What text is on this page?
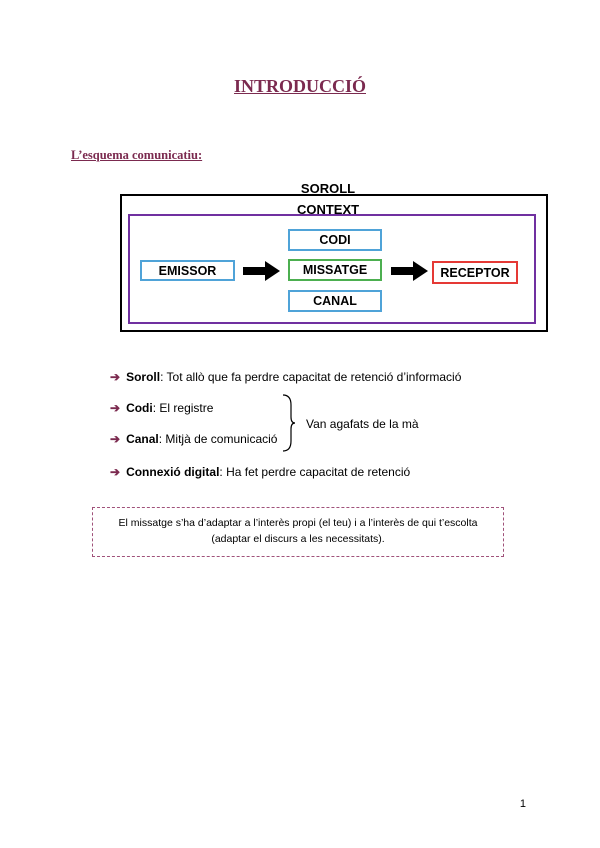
INTRODUCCIÓ
L’esquema comunicatiu:
SOROLL
CONTEXT
CODI
MISSATGE
CANAL
EMISSOR	RECEPTOR
➔ Soroll : Tot allò que fa perdre capacitat de retenció d’informació
➔ Codi : El registre
➔ Canal : Mitjà de comunicació
➔ Connexió digital : Ha fet perdre capacitat de retenció
Van agafats de la mà
El missatge s’ha d’adaptar a l’interès propi (el teu) i a l’interès de qui t’escolta
(adaptar el discurs a les necessitats).
1
